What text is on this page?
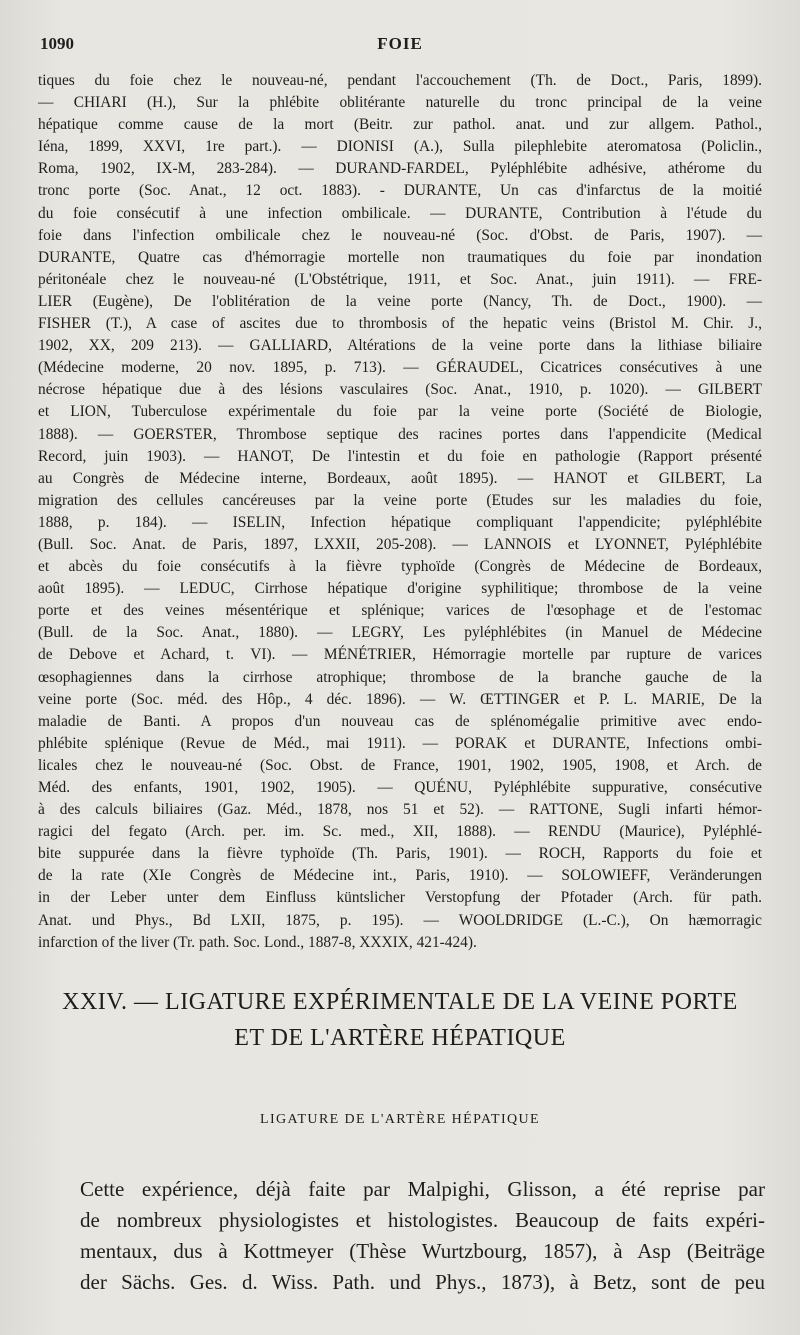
1090	FOIE
tiques du foie chez le nouveau-né, pendant l'accouchement (Th. de Doct., Paris, 1899).
— CHIARI (H.), Sur la phlébite oblitérante naturelle du tronc principal de la veine
hépatique comme cause de la mort (Beitr. zur pathol. anat. und zur allgem. Pathol.,
Iéna, 1899, XXVI, 1re part.). — DIONISI (A.), Sulla pilephlebite ateromatosa (Policlin.,
Roma, 1902, IX-M, 283-284). — DURAND-FARDEL, Pyléphlébite adhésive, athérome du
tronc porte (Soc. Anat., 12 oct. 1883). - DURANTE, Un cas d'infarctus de la moitié
du foie consécutif à une infection ombilicale. — DURANTE, Contribution à l'étude du
foie dans l'infection ombilicale chez le nouveau-né (Soc. d'Obst. de Paris, 1907). —
DURANTE, Quatre cas d'hémorragie mortelle non traumatiques du foie par inondation
péritonéale chez le nouveau-né (L'Obstétrique, 1911, et Soc. Anat., juin 1911). — FRE-
LIER (Eugène), De l'oblitération de la veine porte (Nancy, Th. de Doct., 1900). —
FISHER (T.), A case of ascites due to thrombosis of the hepatic veins (Bristol M. Chir. J.,
1902, XX, 209 213). — GALLIARD, Altérations de la veine porte dans la lithiase biliaire
(Médecine moderne, 20 nov. 1895, p. 713). — GÉRAUDEL, Cicatrices consécutives à une
nécrose hépatique due à des lésions vasculaires (Soc. Anat., 1910, p. 1020). — GILBERT
et LION, Tuberculose expérimentale du foie par la veine porte (Société de Biologie,
1888). — GOERSTER, Thrombose septique des racines portes dans l'appendicite (Medical
Record, juin 1903). — HANOT, De l'intestin et du foie en pathologie (Rapport présenté
au Congrès de Médecine interne, Bordeaux, août 1895). — HANOT et GILBERT, La
migration des cellules cancéreuses par la veine porte (Etudes sur les maladies du foie,
1888, p. 184). — ISELIN, Infection hépatique compliquant l'appendicite; pyléphlébite
(Bull. Soc. Anat. de Paris, 1897, LXXII, 205-208). — LANNOIS et LYONNET, Pyléphlébite
et abcès du foie consécutifs à la fièvre typhoïde (Congrès de Médecine de Bordeaux,
août 1895). — LEDUC, Cirrhose hépatique d'origine syphilitique; thrombose de la veine
porte et des veines mésentérique et splénique; varices de l'œsophage et de l'estomac
(Bull. de la Soc. Anat., 1880). — LEGRY, Les pyléphlébites (in Manuel de Médecine
de Debove et Achard, t. VI). — MÉNÉTRIER, Hémorragie mortelle par rupture de varices
œsophagiennes dans la cirrhose atrophique; thrombose de la branche gauche de la
veine porte (Soc. méd. des Hôp., 4 déc. 1896). — W. ŒTTINGER et P. L. MARIE, De la
maladie de Banti. A propos d'un nouveau cas de splénomégalie primitive avec endo-
phlébite splénique (Revue de Méd., mai 1911). — PORAK et DURANTE, Infections ombi-
licales chez le nouveau-né (Soc. Obst. de France, 1901, 1902, 1905, 1908, et Arch. de
Méd. des enfants, 1901, 1902, 1905). — QUÉNU, Pyléphlébite suppurative, consécutive
à des calculs biliaires (Gaz. Méd., 1878, nos 51 et 52). — RATTONE, Sugli infarti hémor-
ragici del fegato (Arch. per. im. Sc. med., XII, 1888). — RENDU (Maurice), Pyléphlé-
bite suppurée dans la fièvre typhoïde (Th. Paris, 1901). — ROCH, Rapports du foie et
de la rate (XIe Congrès de Médecine int., Paris, 1910). — SOLOWIEFF, Veränderungen
in der Leber unter dem Einfluss küntslicher Verstopfung der Pfotader (Arch. für path.
Anat. und Phys., Bd LXII, 1875, p. 195). — WOOLDRIDGE (L.-C.), On hæmorragic
infarction of the liver (Tr. path. Soc. Lond., 1887-8, XXXIX, 421-424).
XXIV. — LIGATURE EXPÉRIMENTALE DE LA VEINE PORTE
ET DE L'ARTÈRE HÉPATIQUE
LIGATURE DE L'ARTÈRE HÉPATIQUE
Cette expérience, déjà faite par Malpighi, Glisson, a été reprise par
de nombreux physiologistes et histologistes. Beaucoup de faits expéri-
mentaux, dus à Kottmeyer (Thèse Wurtzbourg, 1857), à Asp (Beiträge
der Sächs. Ges. d. Wiss. Path. und Phys., 1873), à Betz, sont de peu
